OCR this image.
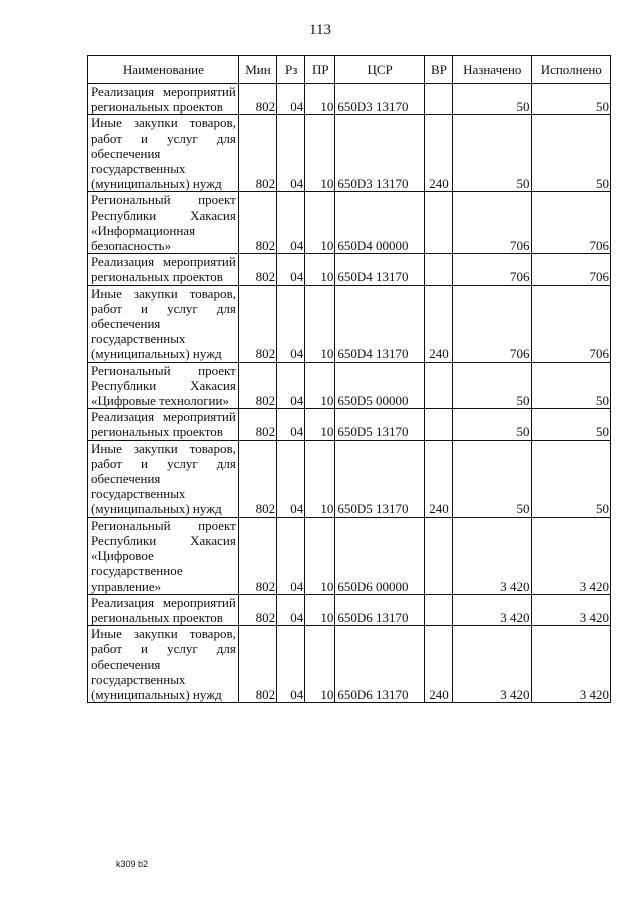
113
Наименование	Мин	Рз	ПР	ЦСР	ВР	Назначено	Исполнено
Реализация мероприятий региональных проектов	802	04	10	650D3 13170		50	50
Иные закупки товаров, работ и услуг для обеспечения государственных (муниципальных) нужд	802	04	10	650D3 13170	240	50	50
Региональный проект Республики Хакасия «Информационная безопасность»	802	04	10	650D4 00000		706	706
Реализация мероприятий региональных проектов	802	04	10	650D4 13170		706	706
Иные закупки товаров, работ и услуг для обеспечения государственных (муниципальных) нужд	802	04	10	650D4 13170	240	706	706
Региональный проект Республики Хакасия «Цифровые технологии»	802	04	10	650D5 00000		50	50
Реализация мероприятий региональных проектов	802	04	10	650D5 13170		50	50
Иные закупки товаров, работ и услуг для обеспечения государственных (муниципальных) нужд	802	04	10	650D5 13170	240	50	50
Региональный проект Республики Хакасия «Цифровое государственное управление»	802	04	10	650D6 00000		3 420	3 420
Реализация мероприятий региональных проектов	802	04	10	650D6 13170		3 420	3 420
Иные закупки товаров, работ и услуг для обеспечения государственных (муниципальных) нужд	802	04	10	650D6 13170	240	3 420	3 420
k309 b2
